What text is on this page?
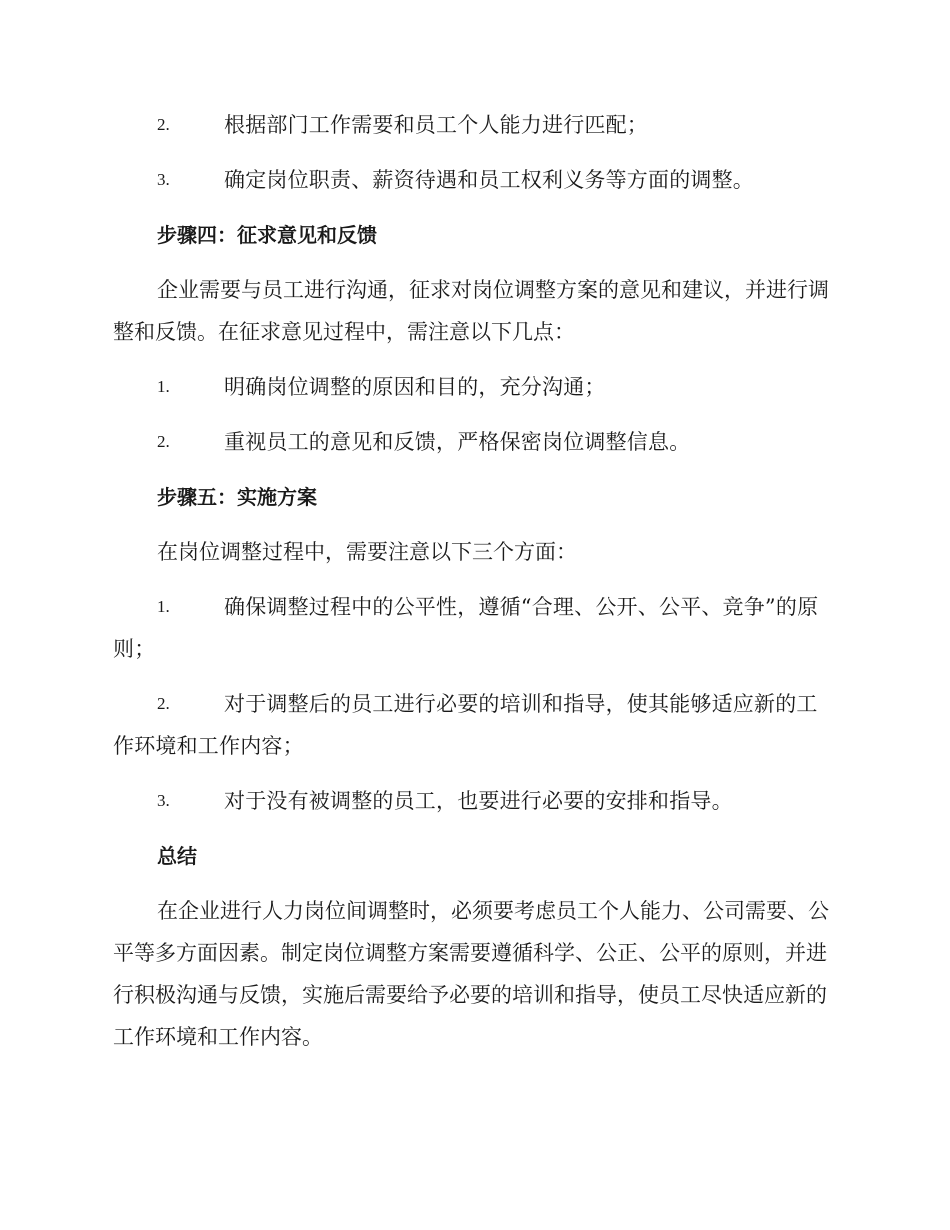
2.	根据部门工作需要和员工个人能力进行匹配；
3.	确定岗位职责、薪资待遇和员工权利义务等方面的调整。
步骤四：征求意见和反馈
企业需要与员工进行沟通，征求对岗位调整方案的意见和建议，并进行调整和反馈。在征求意见过程中，需注意以下几点：
1.	明确岗位调整的原因和目的，充分沟通；
2.	重视员工的意见和反馈，严格保密岗位调整信息。
步骤五：实施方案
在岗位调整过程中，需要注意以下三个方面：
1.	确保调整过程中的公平性，遵循“合理、公开、公平、竞争”的原则；
2.	对于调整后的员工进行必要的培训和指导，使其能够适应新的工作环境和工作内容；
3.	对于没有被调整的员工，也要进行必要的安排和指导。
总结
在企业进行人力岗位间调整时，必须要考虑员工个人能力、公司需要、公平等多方面因素。制定岗位调整方案需要遵循科学、公正、公平的原则，并进行积极沟通与反馈，实施后需要给予必要的培训和指导，使员工尽快适应新的工作环境和工作内容。
